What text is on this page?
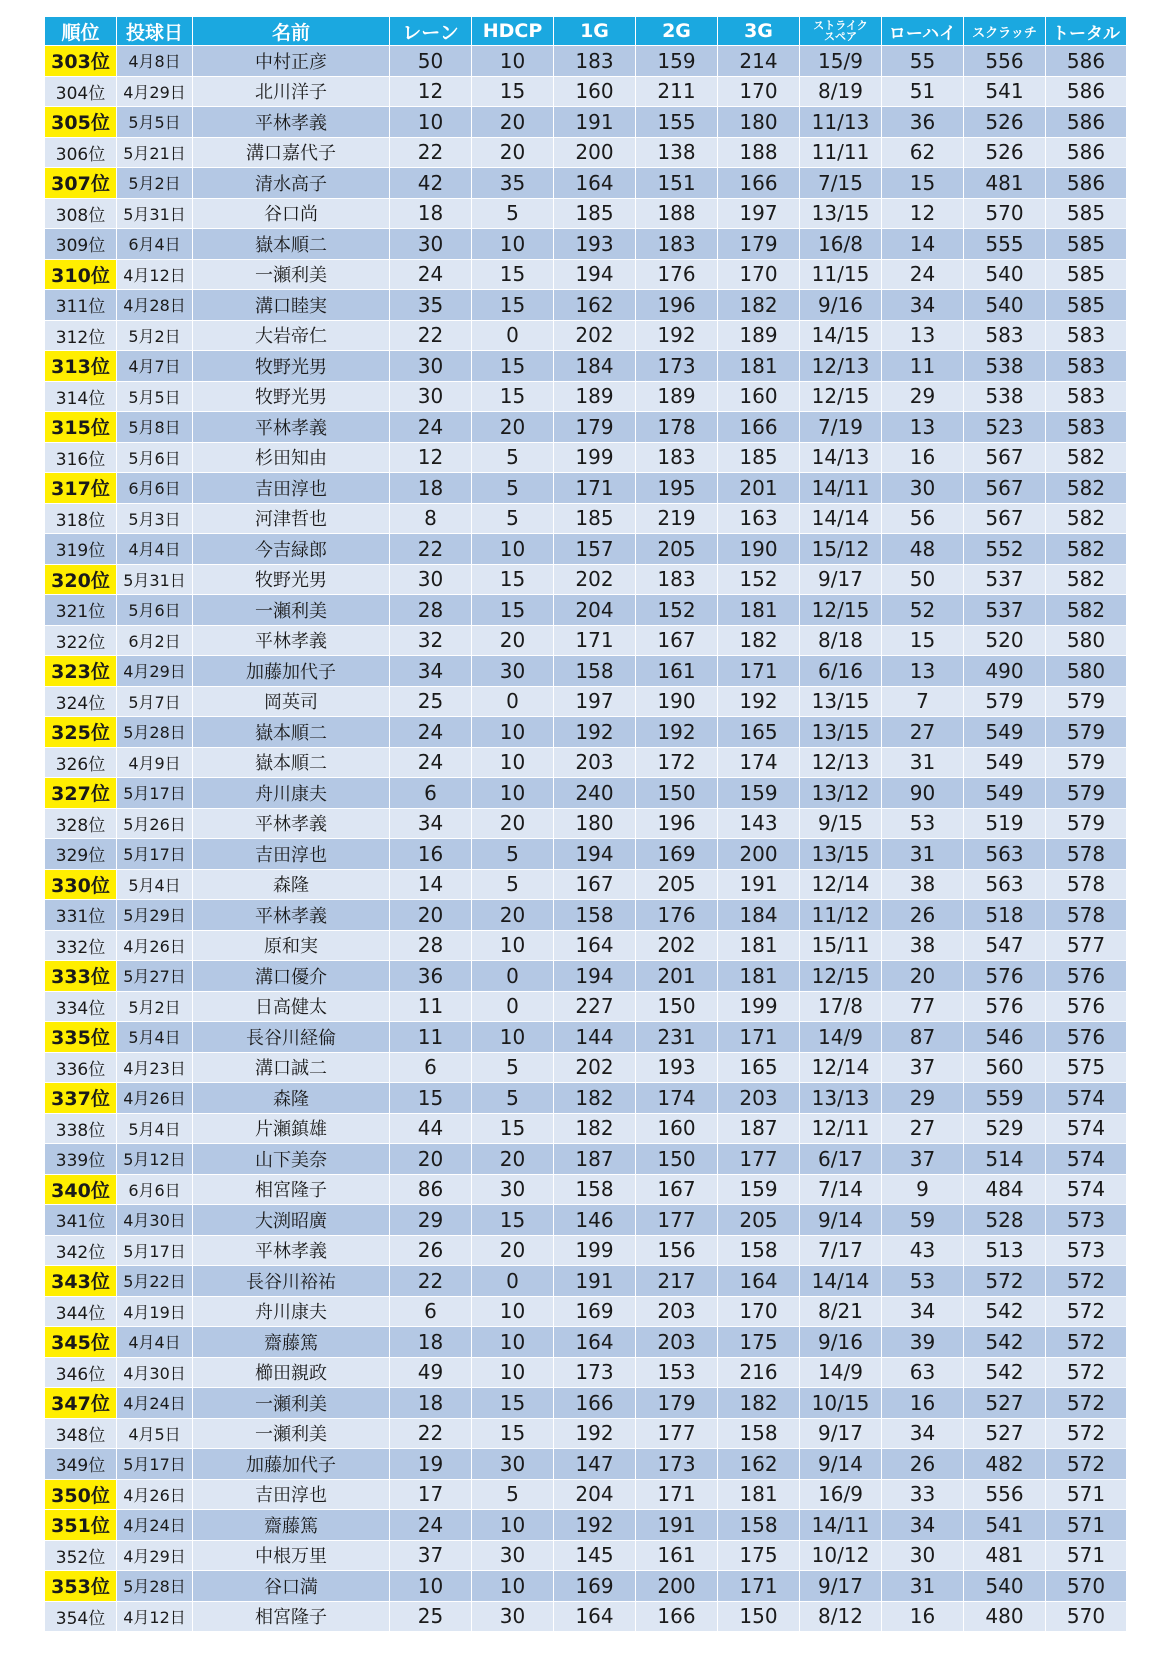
順位	投球日	名前	レーン	HDCP	1G	2G	3G	ストライク
スペア	ローハイ	スクラッチ	トータル
303位	4月8日	中村正彦	50	10	183	159	214	15/9	55	556	586
304位	4月29日	北川洋子	12	15	160	211	170	8/19	51	541	586
305位	5月5日	平林孝義	10	20	191	155	180	11/13	36	526	586
306位	5月21日	溝口嘉代子	22	20	200	138	188	11/11	62	526	586
307位	5月2日	清水高子	42	35	164	151	166	7/15	15	481	586
308位	5月31日	谷口尚	18	5	185	188	197	13/15	12	570	585
309位	6月4日	嶽本順二	30	10	193	183	179	16/8	14	555	585
310位	4月12日	一瀬利美	24	15	194	176	170	11/15	24	540	585
311位	4月28日	溝口睦実	35	15	162	196	182	9/16	34	540	585
312位	5月2日	大岩帝仁	22	0	202	192	189	14/15	13	583	583
313位	4月7日	牧野光男	30	15	184	173	181	12/13	11	538	583
314位	5月5日	牧野光男	30	15	189	189	160	12/15	29	538	583
315位	5月8日	平林孝義	24	20	179	178	166	7/19	13	523	583
316位	5月6日	杉田知由	12	5	199	183	185	14/13	16	567	582
317位	6月6日	吉田淳也	18	5	171	195	201	14/11	30	567	582
318位	5月3日	河津哲也	8	5	185	219	163	14/14	56	567	582
319位	4月4日	今吉緑郎	22	10	157	205	190	15/12	48	552	582
320位	5月31日	牧野光男	30	15	202	183	152	9/17	50	537	582
321位	5月6日	一瀬利美	28	15	204	152	181	12/15	52	537	582
322位	6月2日	平林孝義	32	20	171	167	182	8/18	15	520	580
323位	4月29日	加藤加代子	34	30	158	161	171	6/16	13	490	580
324位	5月7日	岡英司	25	0	197	190	192	13/15	7	579	579
325位	5月28日	嶽本順二	24	10	192	192	165	13/15	27	549	579
326位	4月9日	嶽本順二	24	10	203	172	174	12/13	31	549	579
327位	5月17日	舟川康夫	6	10	240	150	159	13/12	90	549	579
328位	5月26日	平林孝義	34	20	180	196	143	9/15	53	519	579
329位	5月17日	吉田淳也	16	5	194	169	200	13/15	31	563	578
330位	5月4日	森隆	14	5	167	205	191	12/14	38	563	578
331位	5月29日	平林孝義	20	20	158	176	184	11/12	26	518	578
332位	4月26日	原和実	28	10	164	202	181	15/11	38	547	577
333位	5月27日	溝口優介	36	0	194	201	181	12/15	20	576	576
334位	5月2日	日高健太	11	0	227	150	199	17/8	77	576	576
335位	5月4日	長谷川経倫	11	10	144	231	171	14/9	87	546	576
336位	4月23日	溝口誠二	6	5	202	193	165	12/14	37	560	575
337位	4月26日	森隆	15	5	182	174	203	13/13	29	559	574
338位	5月4日	片瀬鎮雄	44	15	182	160	187	12/11	27	529	574
339位	5月12日	山下美奈	20	20	187	150	177	6/17	37	514	574
340位	6月6日	相宮隆子	86	30	158	167	159	7/14	9	484	574
341位	4月30日	大渕昭廣	29	15	146	177	205	9/14	59	528	573
342位	5月17日	平林孝義	26	20	199	156	158	7/17	43	513	573
343位	5月22日	長谷川裕祐	22	0	191	217	164	14/14	53	572	572
344位	4月19日	舟川康夫	6	10	169	203	170	8/21	34	542	572
345位	4月4日	齋藤篤	18	10	164	203	175	9/16	39	542	572
346位	4月30日	櫛田親政	49	10	173	153	216	14/9	63	542	572
347位	4月24日	一瀬利美	18	15	166	179	182	10/15	16	527	572
348位	4月5日	一瀬利美	22	15	192	177	158	9/17	34	527	572
349位	5月17日	加藤加代子	19	30	147	173	162	9/14	26	482	572
350位	4月26日	吉田淳也	17	5	204	171	181	16/9	33	556	571
351位	4月24日	齋藤篤	24	10	192	191	158	14/11	34	541	571
352位	4月29日	中根万里	37	30	145	161	175	10/12	30	481	571
353位	5月28日	谷口満	10	10	169	200	171	9/17	31	540	570
354位	4月12日	相宮隆子	25	30	164	166	150	8/12	16	480	570
